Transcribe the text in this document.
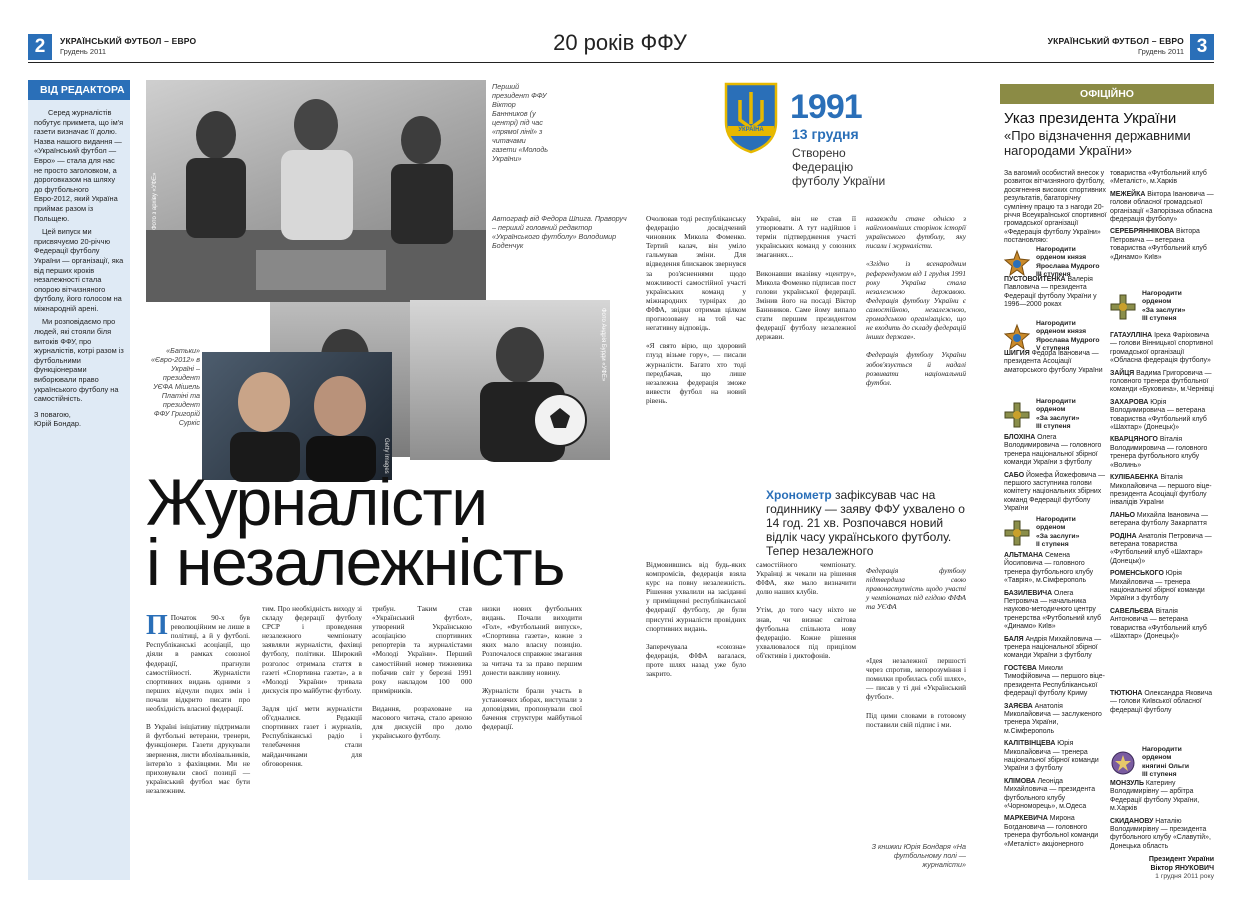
2	УКРАЇНСЬКИЙ ФУТБОЛ – ЕВРО
Грудень 2011	20 років ФФУ	УКРАЇНСЬКИЙ ФУТБОЛ – ЕВРО
Грудень 2011 3
ВІД РЕДАКТОРА
Серед журналістів побутує прикмета, що ім'я газети визначає її долю. Назва нашого видання — «Український футбол — Евро» — стала для нас не просто заголовком, а дороговказом на шляху до футбольного Евро-2012, який Україна приймає разом із Польщею.
Цей випуск ми присвячуємо 20-річчю Федерації футболу України — організації, яка від перших кроків незалежності стала опорою вітчизняного футболу, його голосом на міжнародній арені.
Ми розповідаємо про людей, які стояли біля витоків ФФУ, про журналістів, котрі разом із футбольними функціонерами виборювали право українського футболу на самостійність.
З повагою,
Юрій Бондар.
Фото з архіву «УФЕ»
Перший президент ФФУ Віктор Баннников (у центрі) під час «прямої лінії» з читачами газети «Молодь України»
Автограф від Федора Шпига. Праворуч – перший головний редактор «Українського футболу» Володимир Боденчук
Фото Андрія Бурди «УФЕ»
Getty Images
«Батьки» «Євро-2012» в Україні – президент УЄФА Мішель Платіні та президент ФФУ Григорій Суркіс
УКРАЇНА
1991
13 грудня
Створено Федерацію футболу України
Журналісти
і незалежність

П Початок 90-х був революційним не лише в політиці, а й у футболі. Республіканські асоціації, що діяли в рамках союзної федерації, прагнули самостійності. Журналісти спортивних видань одними з перших відчули подих змін і почали відкрито писати про необхідність власної федерації.

В Україні ініціативу підтримали й футбольні ветерани, тренери, функціонери. Газети друкували звернення, листи вболівальників, інтерв'ю з фахівцями. Ми не приховували своєї позиції — український футбол має бути незалежним.

тим. Про необхідність виходу зі складу федерації футболу СРСР і проведення незалежного чемпіонату заявляли журналісти, фахівці футболу, політики. Широкий розголос отримала стаття в газеті «Спортивна газета», а в «Молоді України» тривала дискусія про майбутнє футболу.

Задля цієї мети журналісти об'єдналися. Редакції спортивних газет і журналів, Республіканські радіо і телебачення стали майданчиками для обговорення.
трибун. Таким став «Український футбол», утворений Українською асоціацією спортивних репортерів та журналістами «Молоді України». Перший самостійний номер тижневика побачив світ у березні 1991 року накладом 100 000 примірників.

Видання, розраховане на масового читача, стало ареною для дискусій про долю українського футболу.
низки нових футбольних видань. Почали виходити «Гол», «Футбольний випуск», «Спортивна газета», кожне з яких мало власну позицію. Розпочалося справжнє змагання за читача та за право першим донести важливу новину.

Журналісти брали участь в установчих зборах, виступали з доповідями, пропонували свої бачення структури майбутньої федерації.
Очолював тоді республіканську федерацію досвідчений чиновник Микола Фоменко. Тертий калач, він уміло гальмував зміни. Для відведення блискавок звернувся за роз'ясненнями щодо можливості самостійної участі українських команд у міжнародних турнірах до ФІФА, звідки отримав цілком прогнозовану на той час негативну відповідь.

«Я свято вірю, що здоровий глузд візьме гору», — писали журналісти. Багато хто тоді передбачав, що лише незалежна федерація зможе вивести футбол на новий рівень.
Україні, він не став її утворювати. А тут надійшов і термін підтвердження участі українських команд у союзних змаганнях...

Виконавши вказівку «центру», Микола Фоменко підписав пост голови української федерації. Змінив його на посаді Віктор Баннников. Саме йому випало стати першим президентом федерації футболу незалежної держави.
назавжди стане однією з найголовніших сторінок історії українського футболу, яку писали і журналісти.

«Згідно із всенародним референдумом від 1 грудня 1991 року Україна стала незалежною державою. Федерація футболу України є самостійною, незалежною, громадською організацією, що не входить до складу федерацій інших держав».

Федерація футболу України зобов'язується й надалі розвивати національний футбол.
Хронометр зафіксував час на годиннику — заяву ФФУ ухвалено о 14 год. 21 хв. Розпочався новий відлік часу українського футболу. Тепер незалежного
Відмовившись від будь-яких компромісів, федерація взяла курс на повну незалежність. Рішення ухвалили на засіданні у приміщенні республіканської федерації футболу, де були присутні журналісти провідних спортивних видань.

Заперечувала «союзна» федерація, ФІФА вагалася, проте шлях назад уже було закрито.
самостійного чемпіонату. Українці ж чекали на рішення ФІФА, яке мало визначити долю наших клубів.

Утім, до того часу ніхто не знав, чи визнає світова футбольна спільнота нову федерацію. Кожне рішення ухвалювалося під прицілом об'єктивів і диктофонів.
Федерація футболу підтвердила свою правонаступність щодо участі у чемпіонатах під егідою ФІФА та УЄФА
«Ідея незалежної першості через спротив, непорозуміння і помилки пробилась собі шлях», — писав у ті дні «Український футбол».

Під цими словами в готовому поставили свій підпис і ми.
З книжки Юрія Бондаря «На футбольному полі — журналісти»
ОФІЦІЙНО
Указ президента України
«Про відзначення державними нагородами України»
За вагомий особистий внесок у розвиток вітчизняного футболу, досягнення високих спортивних результатів, багаторічну сумлінну працю та з нагоди 20-річчя Всеукраїнської спортивної громадської організації «Федерація футболу України» постановляю:
Нагородити
орденом князя
Ярослава Мудрого
III ступеня
Нагородити
орденом князя
Ярослава Мудрого
V ступеня
Нагородити
орденом
«За заслуги»
III ступеня
Нагородити
орденом
«За заслуги»
II ступеня
Нагородити
орденом
«За заслуги»
III ступеня
Нагородити
орденом
княгині Ольги
III ступеня
ПУСТОВОЙТЕНКА Валерія Павловича — президента Федерації футболу України у 1996—2000 роках
ШИГИЯ Федора Івановича — президента Асоціації аматорського футболу України
БЛОХІНА Олега Володимировича — головного тренера національної збірної команди України з футболу
САБО Йожефа Йожефовича — першого заступника голови комітету національних збірних команд Федерації футболу України
АЛЬТМАНА Семена Йосиповича — головного тренера футбольного клубу «Таврія», м.Сімферополь
БАЗИЛЕВИЧА Олега Петровича — начальника науково-методичного центру тренерства «Футбольний клуб «Динамо» Київ»
БАЛЯ Андрія Михайловича — тренера національної збірної команди України з футболу
ГОСТЄВА Миколи Тимофійовича — першого віце-президента Республіканської федерації футболу Криму
ЗАЯЄВА Анатолія Миколайовича — заслуженого тренера України, м.Сімферополь
КАЛІТВІНЦЕВА Юрія Миколайовича — тренера національної збірної команди України з футболу
КЛІМОВА Леоніда Михайловича — президента футбольного клубу «Чорноморець», м.Одеса
МАРКЕВИЧА Мирона Богдановича — головного тренера футбольної команди «Металіст» акціонерного
товариства «Футбольний клуб «Металіст», м.Харків
МЕЖЕЙКА Віктора Івановича — голови обласної громадської організації «Запорізька обласна федерація футболу»
СЕРЕБРЯННІКОВА Віктора Петровича — ветерана товариства «Футбольний клуб «Динамо» Київ»
ГАТАУЛЛІНА Ірека Фаріховича — голови Вінницької спортивної громадської організації «Обласна федерація футболу»
ЗАЙЦЯ Вадима Григоровича — головного тренера футбольної команди «Буковина», м.Чернівці
ЗАХАРОВА Юрія Володимировича — ветерана товариства «Футбольний клуб «Шахтар» (Донецьк)»
КВАРЦЯНОГО Віталія Володимировича — головного тренера футбольного клубу «Волинь»
КУЛІБАБЕНКА Віталія Миколайовича — першого віце-президента Асоціації футболу інвалідів України
ЛАНЬО Михайла Івановича — ветерана футболу Закарпаття
РОДІНА Анатолія Петровича — ветерана товариства «Футбольний клуб «Шахтар» (Донецьк)»
РОМЕНСЬКОГО Юрія Михайловича — тренера національної збірної команди України з футболу
САВЕЛЬЄВА Віталія Антоновича — ветерана товариства «Футбольний клуб «Шахтар» (Донецьк)»
ТЮТЮНА Олександра Яковича — голови Київської обласної федерації футболу
МОНЗУЛЬ Катерину Володимирівну — арбітра Федерації футболу України, м.Харків
СКИДАНОВУ Наталію Володимирівну — президента футбольного клубу «Славутій», Донецька область
Президент України
Віктор ЯНУКОВИЧ
1 грудня 2011 року
